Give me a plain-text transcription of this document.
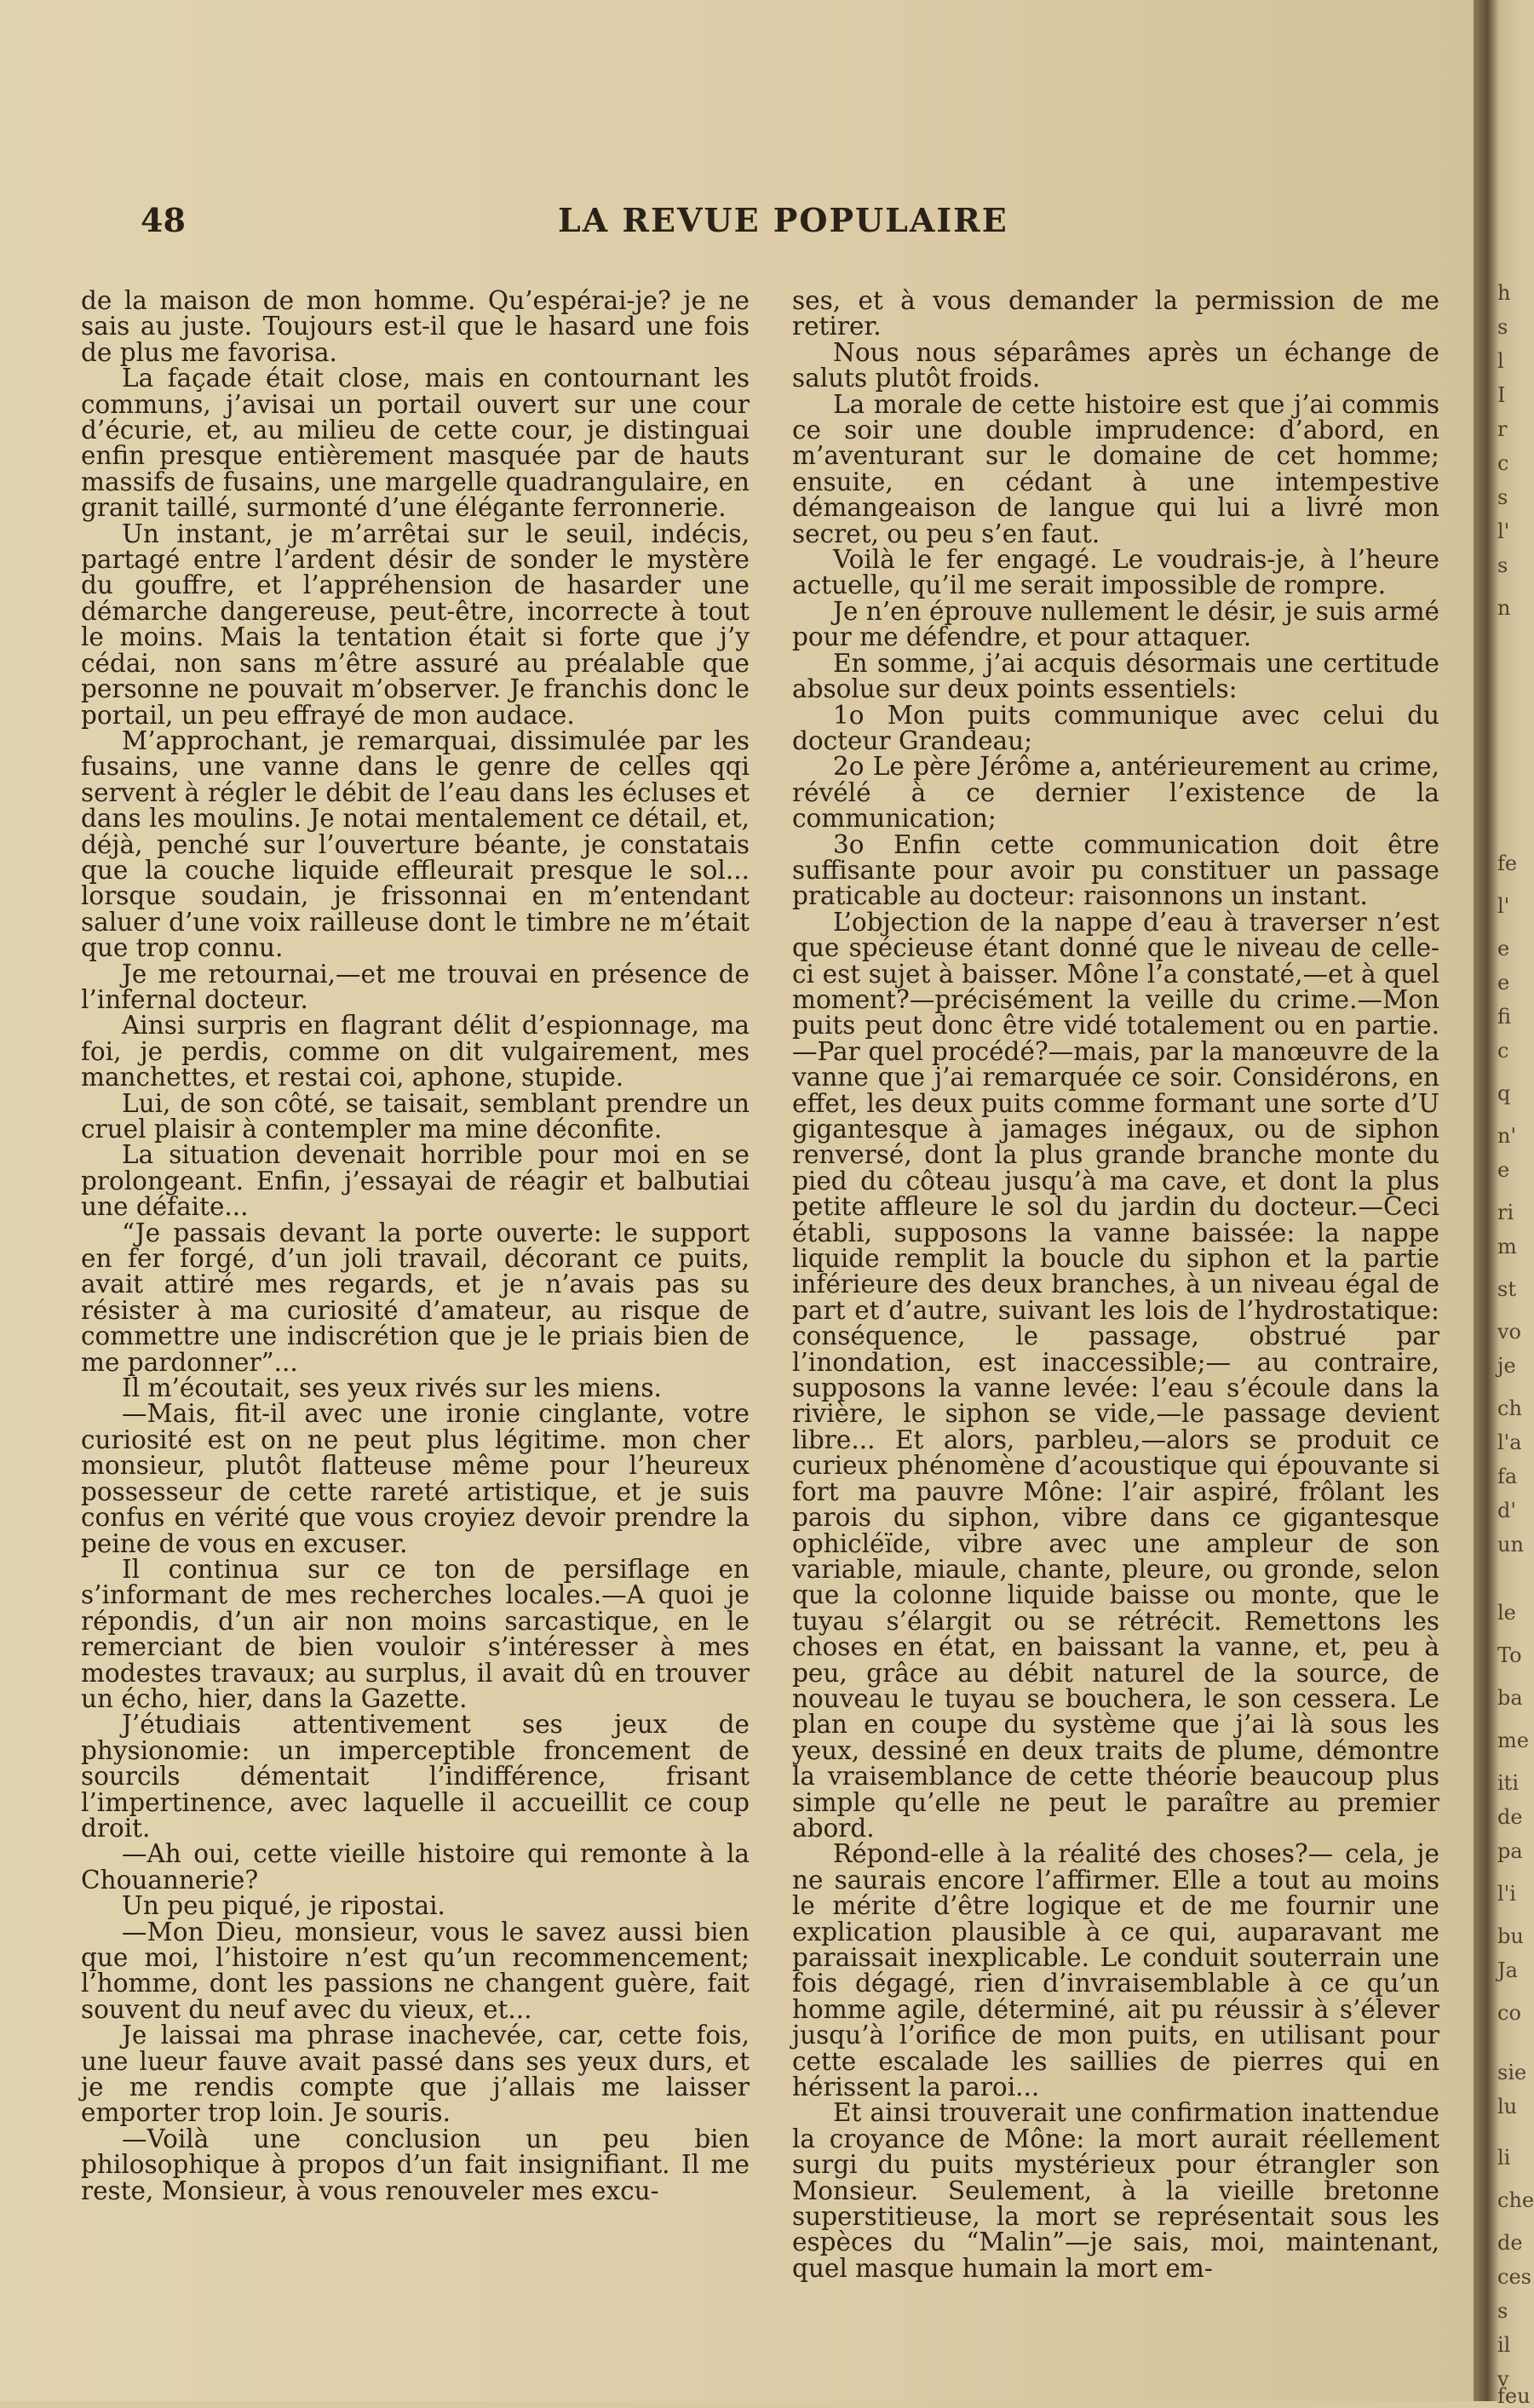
48	LA REVUE POPULAIRE

de la maison de mon homme. Qu’espérai-je? je ne sais au juste. Toujours est-il que le hasard une fois de plus me favorisa.

La façade était close, mais en contournant les communs, j’avisai un portail ouvert sur une cour d’écurie, et, au milieu de cette cour, je distinguai enfin presque entièrement masquée par de hauts massifs de fusains, une margelle quadrangulaire, en granit taillé, surmonté d’une élégante ferronnerie.

Un instant, je m’arrêtai sur le seuil, indécis, partagé entre l’ardent désir de sonder le mystère du gouffre, et l’appréhension de hasarder une démarche dangereuse, peut-être, incorrecte à tout le moins. Mais la tentation était si forte que j’y cédai, non sans m’être assuré au préalable que personne ne pouvait m’observer. Je franchis donc le portail, un peu effrayé de mon audace.

M’approchant, je remarquai, dissimulée par les fusains, une vanne dans le genre de celles qqi servent à régler le débit de l’eau dans les écluses et dans les moulins. Je notai mentalement ce détail, et, déjà, penché sur l’ouverture béante, je constatais que la couche liquide effleurait presque le sol... lorsque soudain, je frissonnai en m’entendant saluer d’une voix railleuse dont le timbre ne m’était que trop connu.

Je me retournai,—et me trouvai en présence de l’infernal docteur.

Ainsi surpris en flagrant délit d’espionnage, ma foi, je perdis, comme on dit vulgairement, mes manchettes, et restai coi, aphone, stupide.

Lui, de son côté, se taisait, semblant prendre un cruel plaisir à contempler ma mine déconfite.

La situation devenait horrible pour moi en se prolongeant. Enfin, j’essayai de réagir et balbutiai une défaite...

“Je passais devant la porte ouverte: le support en fer forgé, d’un joli travail, décorant ce puits, avait attiré mes regards, et je n’avais pas su résister à ma curiosité d’amateur, au risque de commettre une indiscrétion que je le priais bien de me pardonner”...

Il m’écoutait, ses yeux rivés sur les miens.

—Mais, fit-il avec une ironie cinglante, votre curiosité est on ne peut plus légitime. mon cher monsieur, plutôt flatteuse même pour l’heureux possesseur de cette rareté artistique, et je suis confus en vérité que vous croyiez devoir prendre la peine de vous en excuser.

Il continua sur ce ton de persiflage en s’informant de mes recherches locales.—A quoi je répondis, d’un air non moins sarcastique, en le remerciant de bien vouloir s’intéresser à mes modestes travaux; au surplus, il avait dû en trouver un écho, hier, dans la Gazette.

J’étudiais attentivement ses jeux de physionomie: un imperceptible froncement de sourcils démentait l’indifférence, frisant l’impertinence, avec laquelle il accueillit ce coup droit.

—Ah oui, cette vieille histoire qui remonte à la Chouannerie?

Un peu piqué, je ripostai.

—Mon Dieu, monsieur, vous le savez aussi bien que moi, l’histoire n’est qu’un recommencement; l’homme, dont les passions ne changent guère, fait souvent du neuf avec du vieux, et...

Je laissai ma phrase inachevée, car, cette fois, une lueur fauve avait passé dans ses yeux durs, et je me rendis compte que j’allais me laisser emporter trop loin. Je souris.

—Voilà une conclusion un peu bien philosophique à propos d’un fait insignifiant. Il me reste, Monsieur, à vous renouveler mes excu-

ses, et à vous demander la permission de me retirer.

Nous nous séparâmes après un échange de saluts plutôt froids.

La morale de cette histoire est que j’ai commis ce soir une double imprudence: d’abord, en m’aventurant sur le domaine de cet homme; ensuite, en cédant à une intempestive démangeaison de langue qui lui a livré mon secret, ou peu s’en faut.

Voilà le fer engagé. Le voudrais-je, à l’heure actuelle, qu’il me serait impossible de rompre.

Je n’en éprouve nullement le désir, je suis armé pour me défendre, et pour attaquer.

En somme, j’ai acquis désormais une certitude absolue sur deux points essentiels:

1o Mon puits communique avec celui du docteur Grandeau;

2o Le père Jérôme a, antérieurement au crime, révélé à ce dernier l’existence de la communication;

3o Enfin cette communication doit être suffisante pour avoir pu constituer un passage praticable au docteur: raisonnons un instant.

L’objection de la nappe d’eau à traverser n’est que spécieuse étant donné que le niveau de celle-ci est sujet à baisser. Mône l’a constaté,—et à quel moment?—précisément la veille du crime.—Mon puits peut donc être vidé totalement ou en partie.—Par quel procédé?—mais, par la manœuvre de la vanne que j’ai remarquée ce soir. Considérons, en effet, les deux puits comme formant une sorte d’U gigantesque à jamages inégaux, ou de siphon renversé, dont la plus grande branche monte du pied du côteau jusqu’à ma cave, et dont la plus petite affleure le sol du jardin du docteur.—Ceci établi, supposons la vanne baissée: la nappe liquide remplit la boucle du siphon et la partie inférieure des deux branches, à un niveau égal de part et d’autre, suivant les lois de l’hydrostatique: conséquence, le passage, obstrué par l’inondation, est inaccessible;— au contraire, supposons la vanne levée: l’eau s’écoule dans la rivière, le siphon se vide,—le passage devient libre... Et alors, parbleu,—alors se produit ce curieux phénomène d’acoustique qui épouvante si fort ma pauvre Mône: l’air aspiré, frôlant les parois du siphon, vibre dans ce gigantesque ophicléïde, vibre avec une ampleur de son variable, miaule, chante, pleure, ou gronde, selon que la colonne liquide baisse ou monte, que le tuyau s’élargit ou se rétrécit. Remettons les choses en état, en baissant la vanne, et, peu à peu, grâce au débit naturel de la source, de nouveau le tuyau se bouchera, le son cessera. Le plan en coupe du système que j’ai là sous les yeux, dessiné en deux traits de plume, démontre la vraisemblance de cette théorie beaucoup plus simple qu’elle ne peut le paraître au premier abord.

Répond-elle à la réalité des choses?— cela, je ne saurais encore l’affirmer. Elle a tout au moins le mérite d’être logique et de me fournir une explication plausible à ce qui, auparavant me paraissait inexplicable. Le conduit souterrain une fois dégagé, rien d’invraisemblable à ce qu’un homme agile, déterminé, ait pu réussir à s’élever jusqu’à l’orifice de mon puits, en utilisant pour cette escalade les saillies de pierres qui en hérissent la paroi...

Et ainsi trouverait une confirmation inattendue la croyance de Mône: la mort aurait réellement surgi du puits mystérieux pour étrangler son Monsieur. Seulement, à la vieille bretonne superstitieuse, la mort se représentait sous les espèces du “Malin”—je sais, moi, maintenant, quel masque humain la mort em-

h
s
l
I
r
c
s
l'
s
n
fe
l'
e
e
fi
c
q
n'
e
ri
m
st
vo
je
ch
l'a
fa
d'
un
le
To
ba
me
iti
de
pa
l'i
bu
Ja
co
sie
lu
li
che
de
ces
s
il
v
feu
